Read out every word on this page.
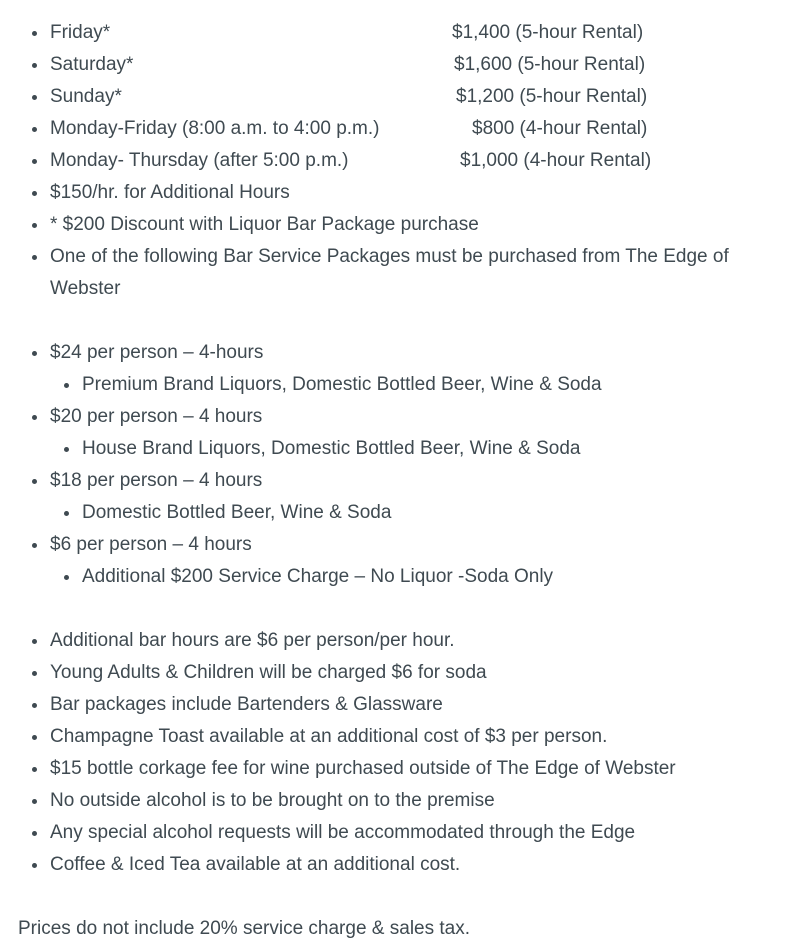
Friday*	$1,400 (5-hour Rental)
Saturday*	$1,600 (5-hour Rental)
Sunday*	$1,200 (5-hour Rental)
Monday-Friday (8:00 a.m. to 4:00 p.m.)	$800 (4-hour Rental)
Monday- Thursday (after 5:00 p.m.)	$1,000 (4-hour Rental)
$150/hr. for Additional Hours
* $200 Discount with Liquor Bar Package purchase
One of the following Bar Service Packages must be purchased from The Edge of Webster
$24 per person – 4-hours
Premium Brand Liquors, Domestic Bottled Beer, Wine & Soda
$20 per person – 4 hours
House Brand Liquors, Domestic Bottled Beer, Wine & Soda
$18 per person – 4 hours
Domestic Bottled Beer, Wine & Soda
$6 per person – 4 hours
Additional $200 Service Charge – No Liquor -Soda Only
Additional bar hours are $6 per person/per hour.
Young Adults & Children will be charged $6 for soda
Bar packages include Bartenders & Glassware
Champagne Toast available at an additional cost of $3 per person.
$15 bottle corkage fee for wine purchased outside of The Edge of Webster
No outside alcohol is to be brought on to the premise
Any special alcohol requests will be accommodated through the Edge
Coffee & Iced Tea available at an additional cost.

Prices do not include 20% service charge & sales tax.
